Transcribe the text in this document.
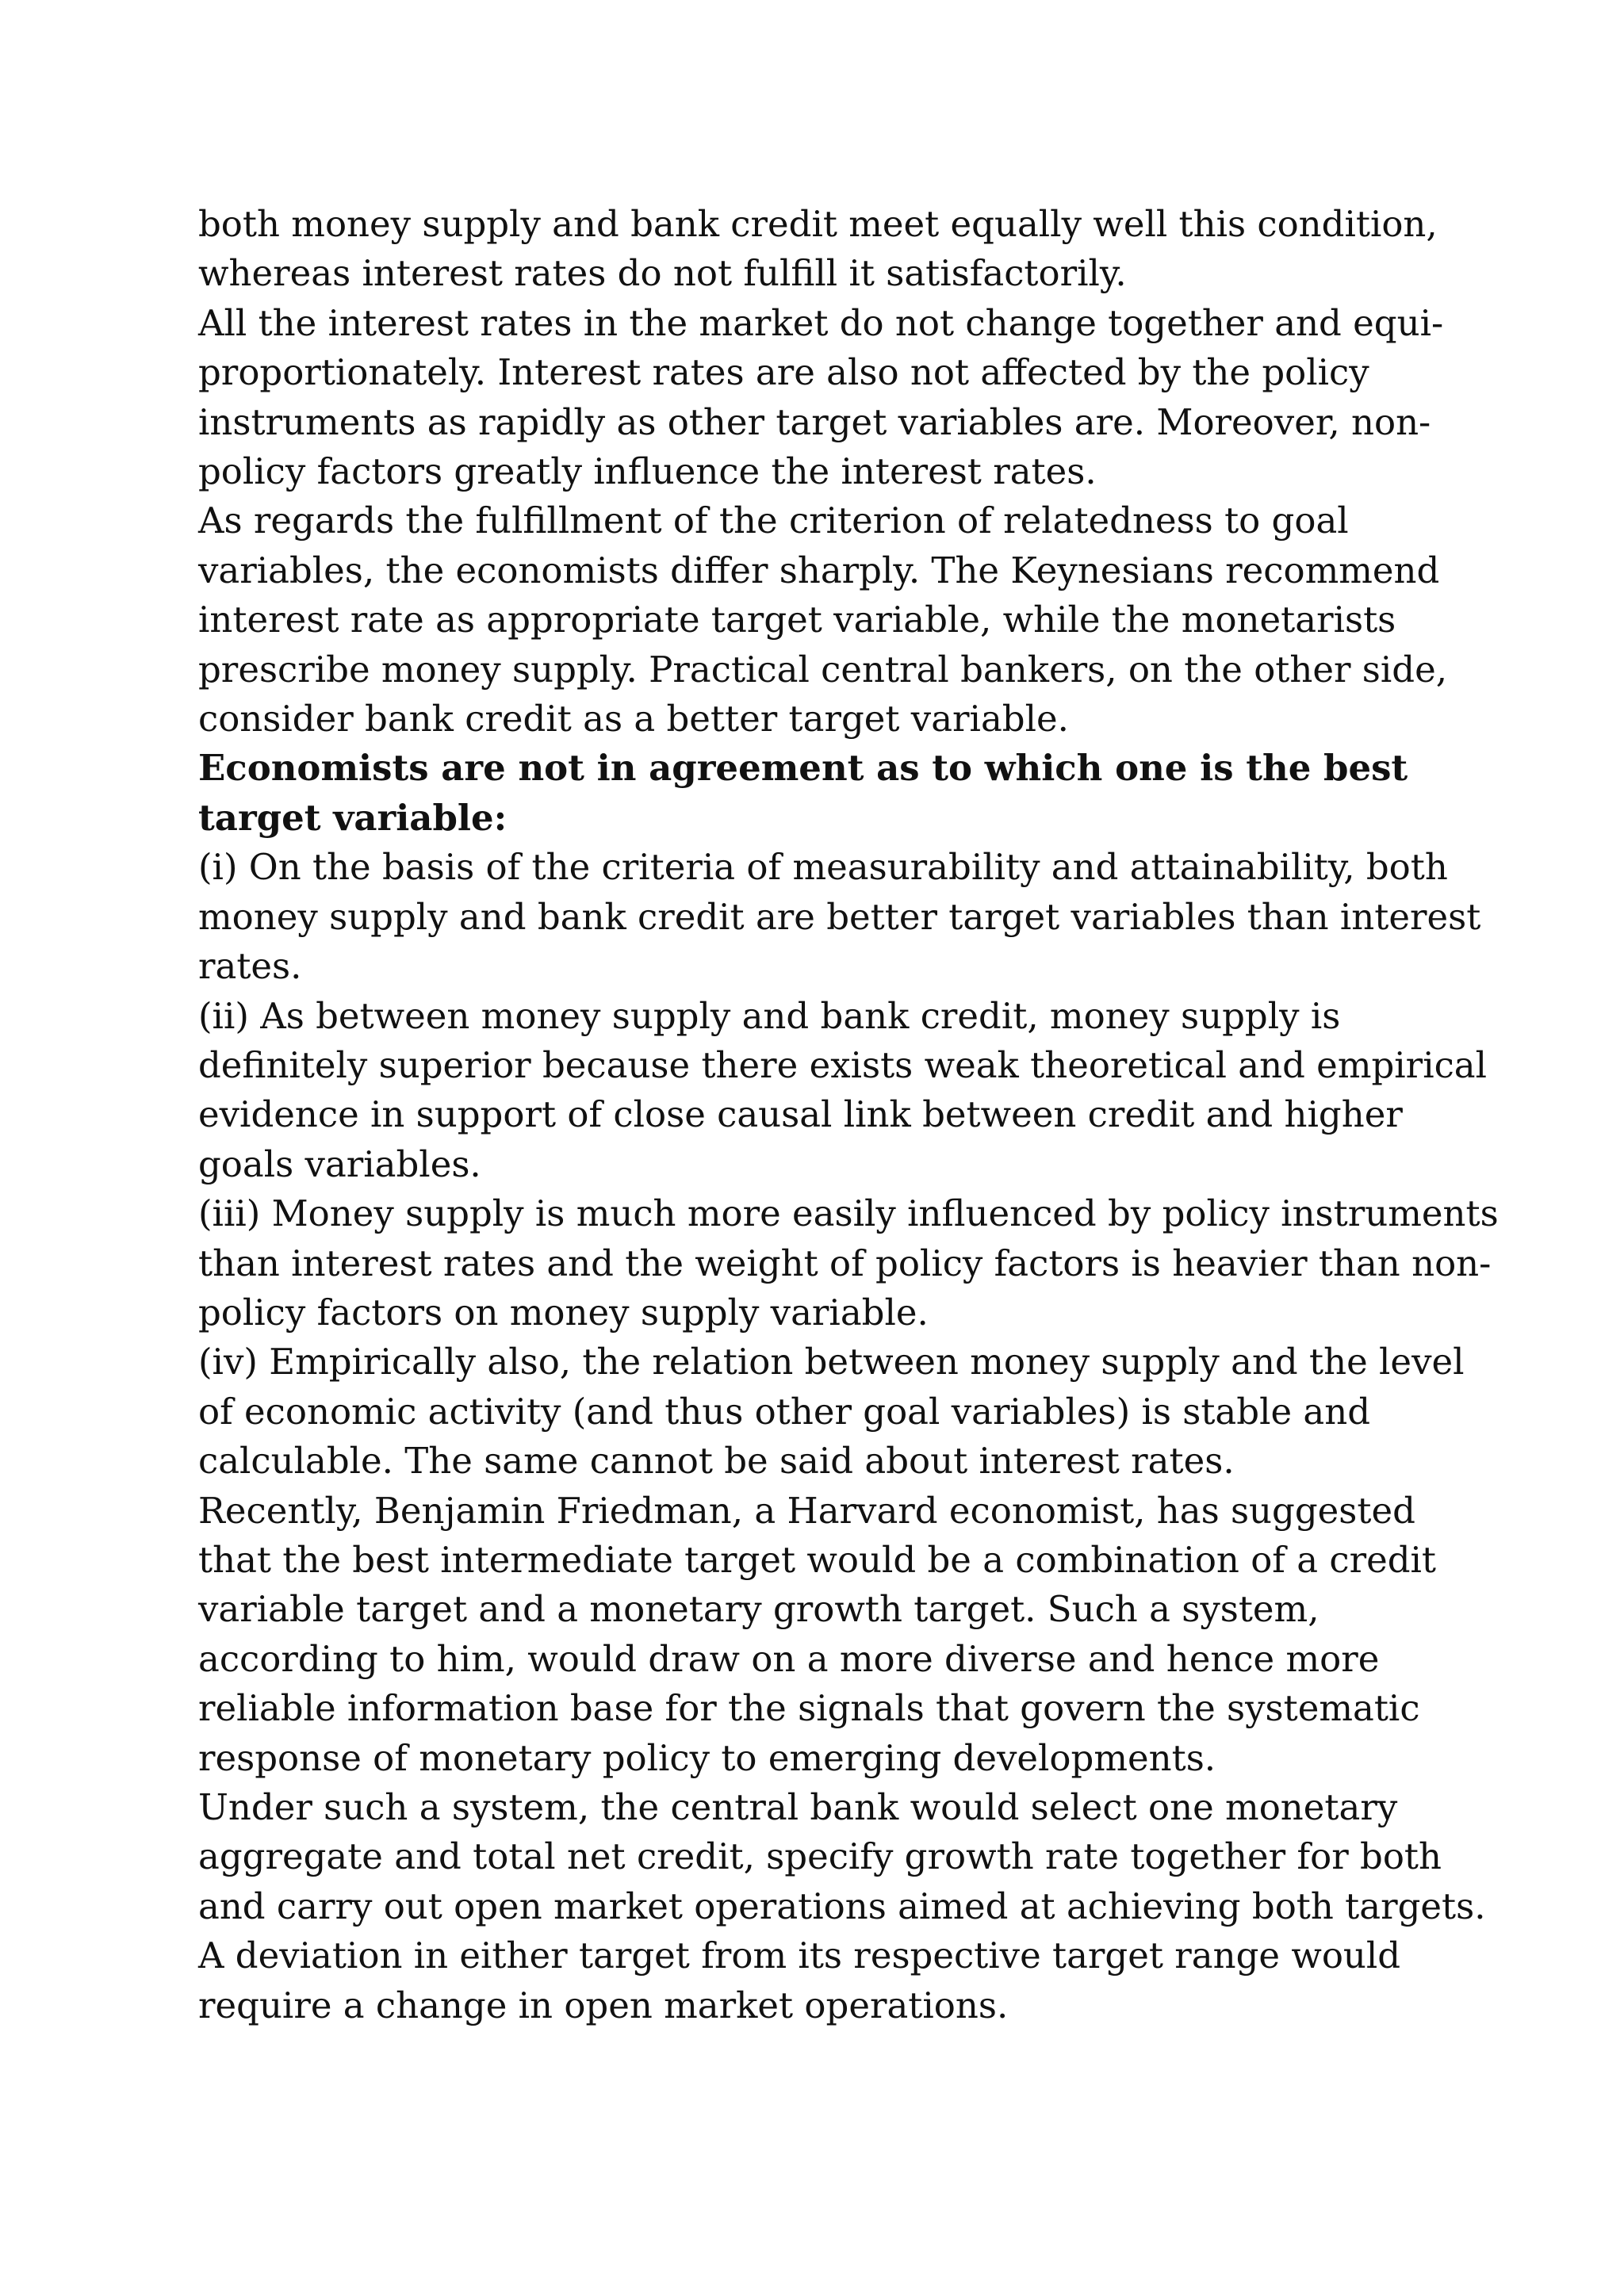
both money supply and bank credit meet equally well this condition, whereas interest rates do not fulfill it satisfactorily.

All the interest rates in the market do not change together and equi-proportionately. Interest rates are also not affected by the policy instruments as rapidly as other target variables are. Moreover, non-policy factors greatly influence the interest rates.

As regards the fulfillment of the criterion of relatedness to goal variables, the economists differ sharply. The Keynesians recommend interest rate as appropriate target variable, while the monetarists prescribe money supply. Practical central bankers, on the other side, consider bank credit as a better target variable.

Economists are not in agreement as to which one is the best target variable:

(i) On the basis of the criteria of measurability and attainability, both money supply and bank credit are better target variables than interest rates.

(ii) As between money supply and bank credit, money supply is definitely superior because there exists weak theoretical and empirical evidence in support of close causal link between credit and higher goals variables.

(iii) Money supply is much more easily influenced by policy instruments than interest rates and the weight of policy factors is heavier than non- policy factors on money supply variable.

(iv) Empirically also, the relation between money supply and the level of economic activity (and thus other goal variables) is stable and calculable. The same cannot be said about interest rates.

Recently, Benjamin Friedman, a Harvard economist, has suggested that the best intermediate target would be a combination of a credit variable target and a monetary growth target. Such a system, according to him, would draw on a more diverse and hence more reliable information base for the signals that govern the systematic response of monetary policy to emerging developments.

Under such a system, the central bank would select one monetary aggregate and total net credit, specify growth rate together for both and carry out open market operations aimed at achieving both targets. A deviation in either target from its respective target range would require a change in open market operations.
